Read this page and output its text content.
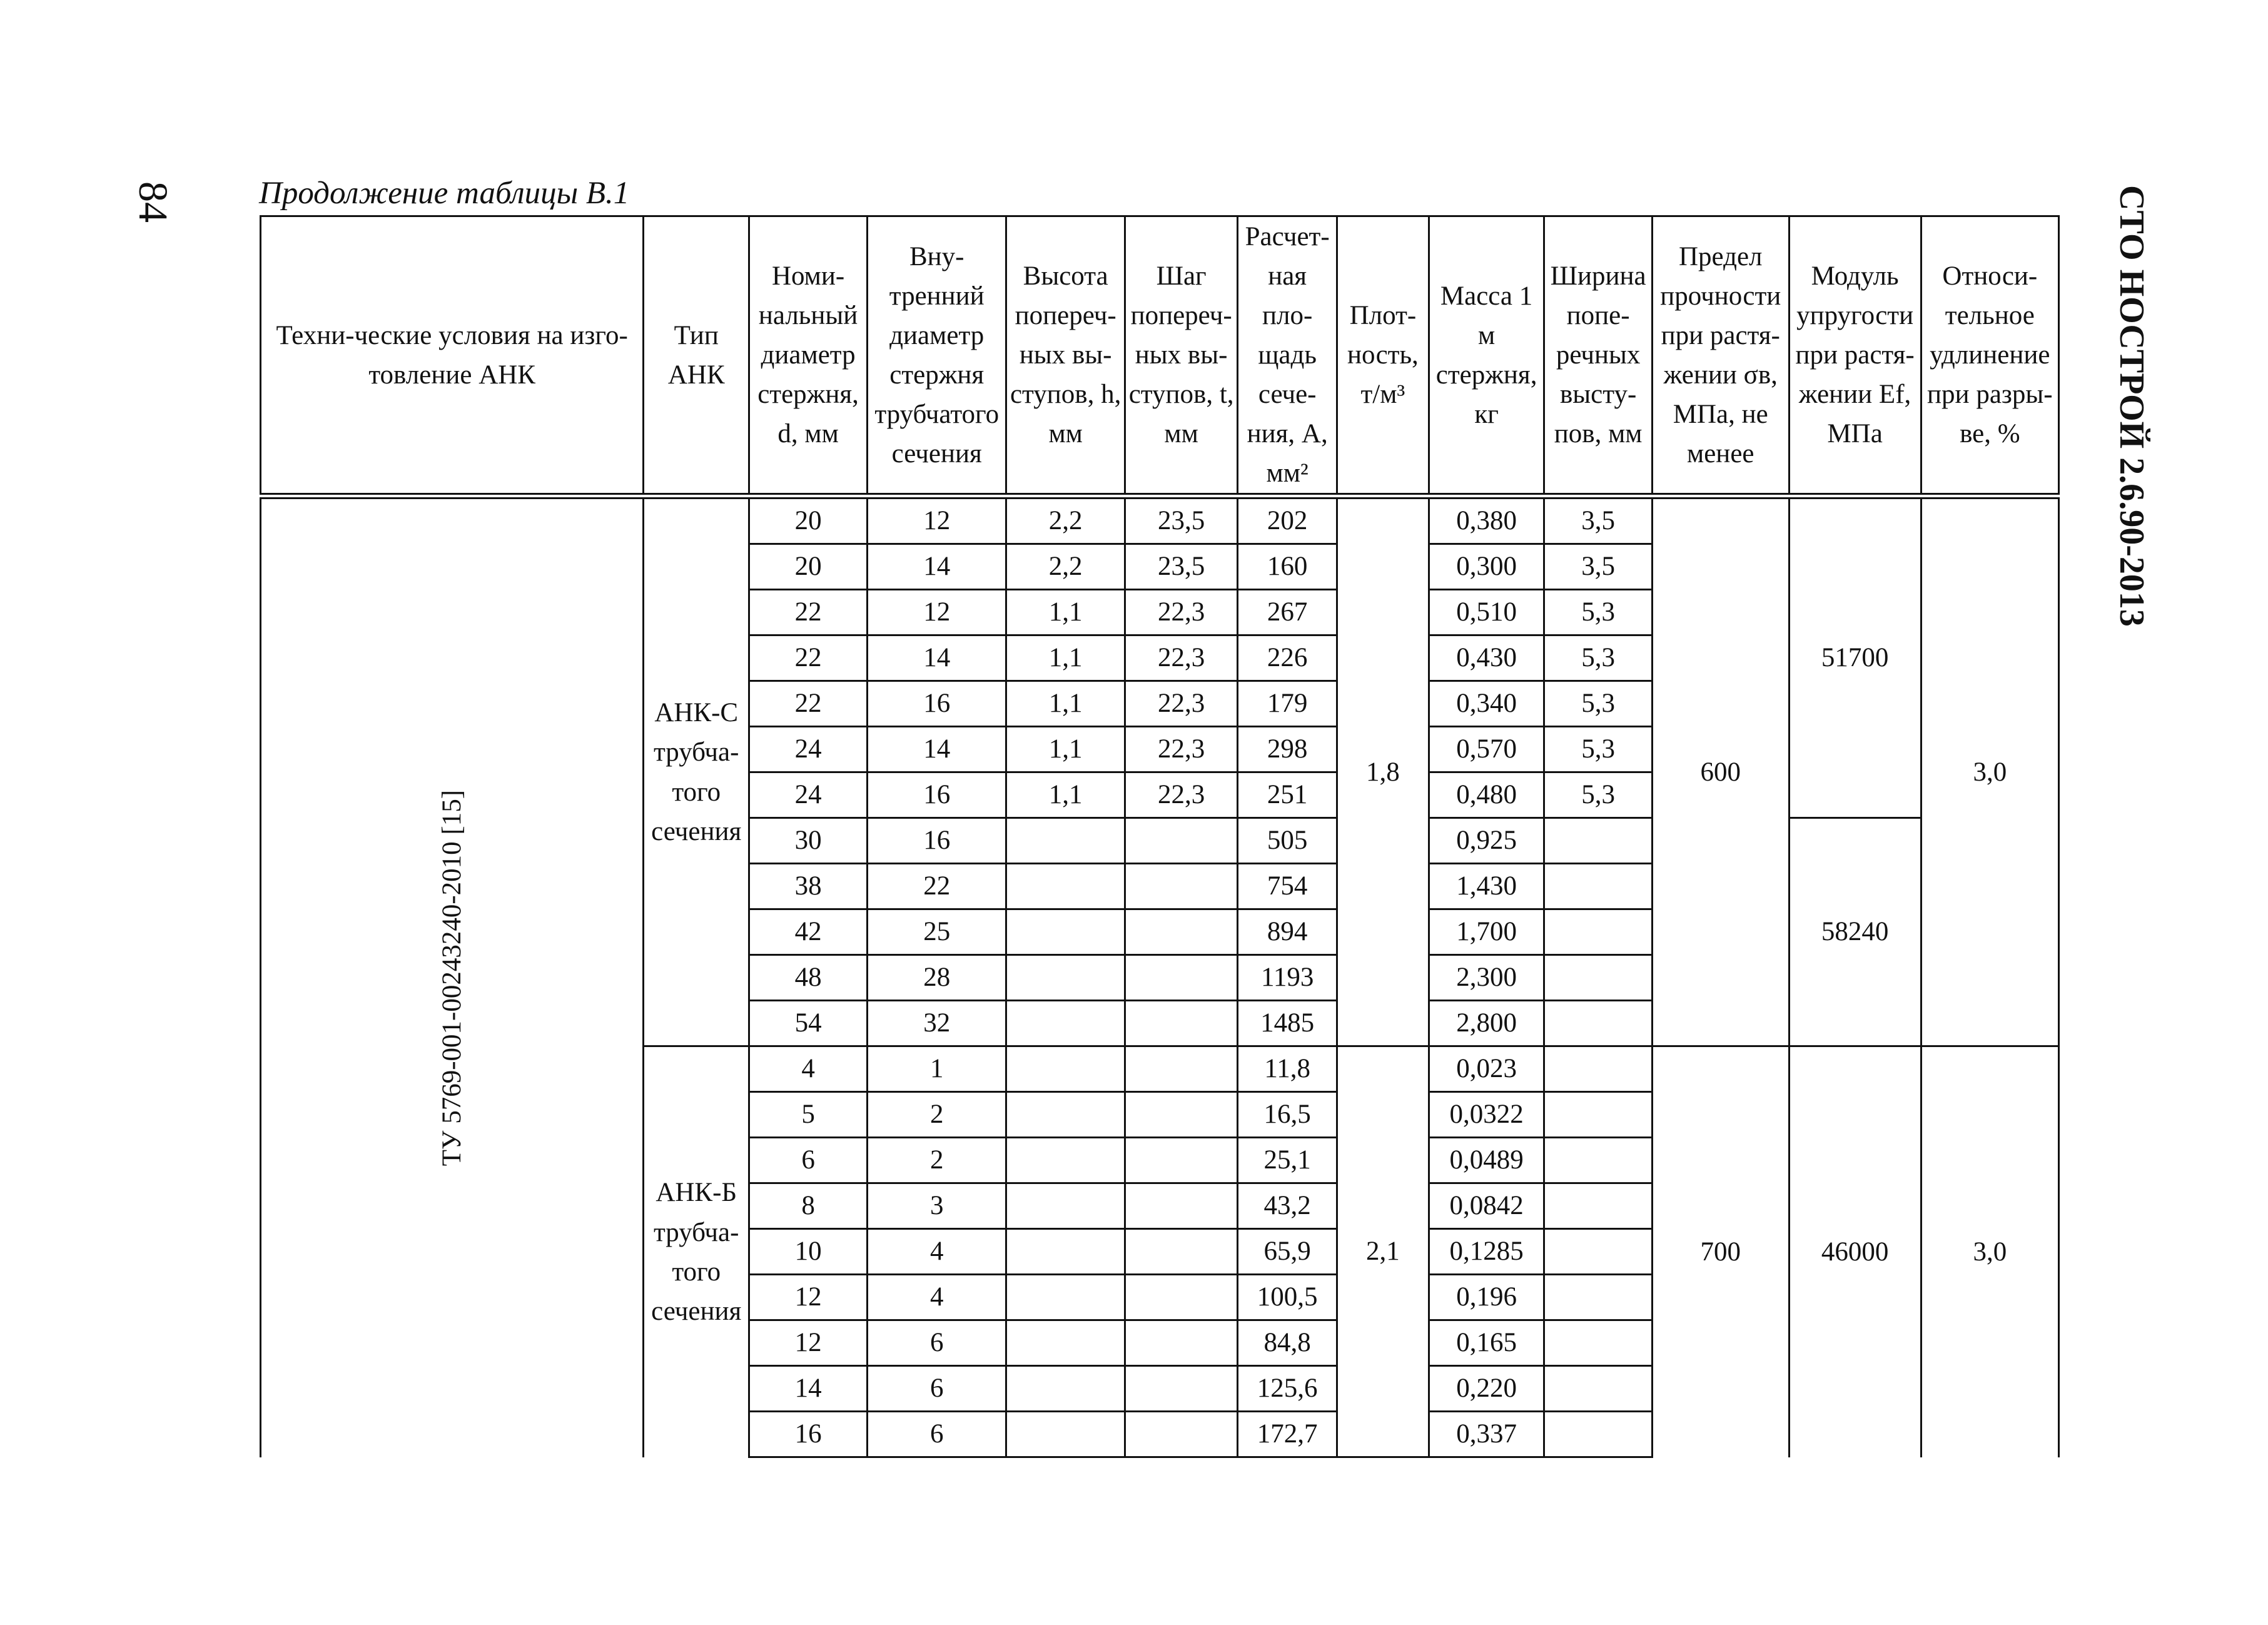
84	СТО НОСТРОЙ 2.6.90-2013
Продолжение таблицы В.1
Техни-ческие условия на изго-товление АНК	Тип АНК	Номи-нальный диаметр стержня, d, мм	Вну-тренний диаметр стержня трубчатого сечения	Высота попереч-ных вы-ступов, h, мм	Шаг попереч-ных вы-ступов, t, мм	Расчет-ная пло-щадь сече-ния, A, мм²	Плот-ность, т/м³	Масса 1 м стержня, кг	Ширина попе-речных высту-пов, мм	Предел прочности при растя-жении σв, МПа, не менее	Модуль упругости при растя-жении Ef, МПа	Относи-тельное удлинение при разры-ве, %

ТУ 5769-001-00243240-2010 [15]	АНК-С трубча-того сечения	20	12	2,2	23,5	202	1,8	0,380	3,5	600	51700	3,0
		20	14	2,2	23,5	160		0,300	3,5			
		22	12	1,1	22,3	267		0,510	5,3			
		22	14	1,1	22,3	226		0,430	5,3			
		22	16	1,1	22,3	179		0,340	5,3			
		24	14	1,1	22,3	298		0,570	5,3			
		24	16	1,1	22,3	251		0,480	5,3			
		30	16			505		0,925			58240	
		38	22			754		1,430				
		42	25			894		1,700				
		48	28			1193		2,300				
		54	32			1485		2,800				
	АНК-Б трубча-того сечения	4	1			11,8	2,1	0,023		700	46000	3,0
		5	2			16,5		0,0322				
		6	2			25,1		0,0489				
		8	3			43,2		0,0842				
		10	4			65,9		0,1285				
		12	4			100,5		0,196				
		12	6			84,8		0,165				
		14	6			125,6		0,220				
		16	6			172,7		0,337				
